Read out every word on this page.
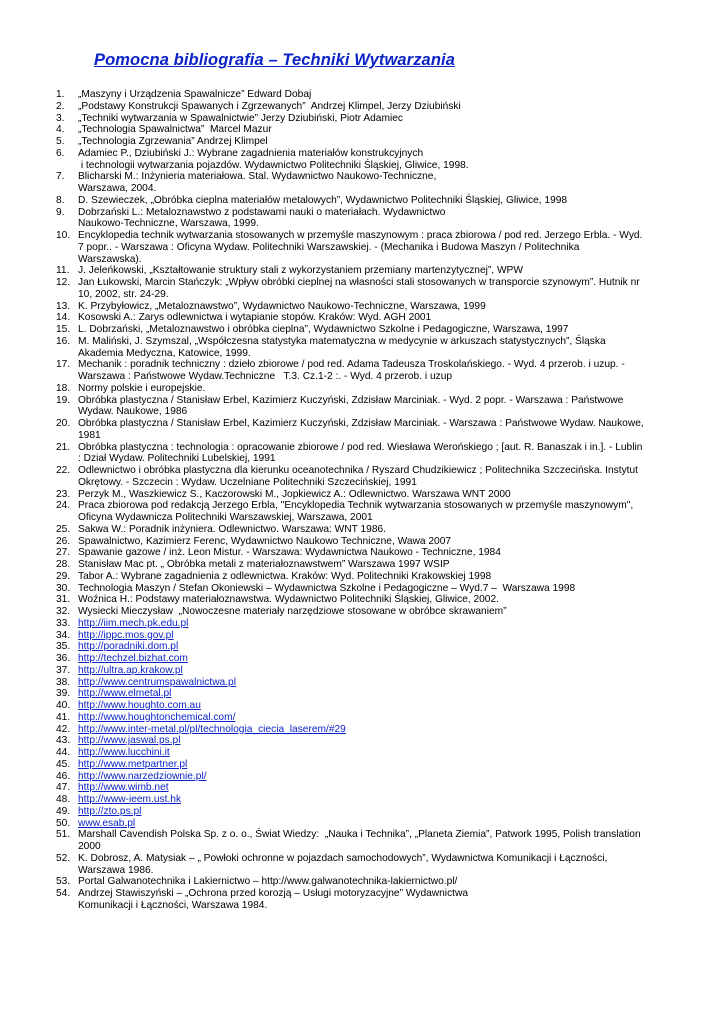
Pomocna bibliografia – Techniki Wytwarzania
1. „Maszyny i Urządzenia Spawalnicze” Edward Dobaj
2. „Podstawy Konstrukcji Spawanych i Zgrzewanych”  Andrzej Klimpel, Jerzy Dziubiński
3. „Techniki wytwarzania w Spawalnictwie” Jerzy Dziubiński, Piotr Adamiec
4. „Technologia Spawalnictwa”  Marcel Mazur
5. „Technologia Zgrzewania” Andrzej Klimpel
6. Adamiec P., Dziubiński J.: Wybrane zagadnienia materiałów konstrukcyjnych
i technologii wytwarzania pojazdów. Wydawnictwo Politechniki Śląskiej, Gliwice, 1998.
7. Blicharski M.: Inżynieria materiałowa. Stal. Wydawnictwo Naukowo-Techniczne,
Warszawa, 2004.
8. D. Szewieczek, „Obróbka cieplna materiałów metalowych”, Wydawnictwo Politechniki Śląskiej, Gliwice, 1998
9. Dobrzański L.: Metaloznawstwo z podstawami nauki o materiałach. Wydawnictwo
Naukowo-Techniczne, Warszawa, 1999.
10. Encyklopedia technik wytwarzania stosowanych w przemyśle maszynowym : praca zbiorowa / pod red. Jerzego Erbla. - Wyd.
7 popr.. - Warszawa : Oficyna Wydaw. Politechniki Warszawskiej. - (Mechanika i Budowa Maszyn / Politechnika
Warszawska).
11. J. Jeleńkowski, „Kształtowanie struktury stali z wykorzystaniem przemiany martenzytycznej”, WPW
12. Jan Łukowski, Marcin Stańczyk: „Wpływ obróbki cieplnej na własności stali stosowanych w transporcie szynowym”. Hutnik nr
10, 2002, str. 24-29.
13. K. Przybyłowicz, „Metaloznawstwo”, Wydawnictwo Naukowo-Techniczne, Warszawa, 1999
14. Kosowski A.: Zarys odlewnictwa i wytapianie stopów. Kraków: Wyd. AGH 2001
15. L. Dobrzański, „Metaloznawstwo i obróbka cieplna”, Wydawnictwo Szkolne i Pedagogiczne, Warszawa, 1997
16. M. Maliński, J. Szymszal, „Współczesna statystyka matematyczna w medycynie w arkuszach statystycznych”, Śląska
Akademia Medyczna, Katowice, 1999.
17. Mechanik : poradnik techniczny : dzieło zbiorowe / pod red. Adama Tadeusza Troskolańskiego. - Wyd. 4 przerob. i uzup. -
Warszawa : Państwowe Wydaw.Techniczne   T.3. Cz.1-2 :. - Wyd. 4 przerob. i uzup
18. Normy polskie i europejskie.
19. Obróbka plastyczna / Stanisław Erbel, Kazimierz Kuczyński, Zdzisław Marciniak. - Wyd. 2 popr. - Warszawa : Państwowe
Wydaw. Naukowe, 1986
20. Obróbka plastyczna / Stanisław Erbel, Kazimierz Kuczyński, Zdzisław Marciniak. - Warszawa : Państwowe Wydaw. Naukowe,
1981
21. Obróbka plastyczna : technologia : opracowanie zbiorowe / pod red. Wiesława Werońskiego ; [aut. R. Banaszak i in.]. - Lublin
: Dział Wydaw. Politechniki Lubelskiej, 1991
22. Odlewnictwo i obróbka plastyczna dla kierunku oceanotechnika / Ryszard Chudzikiewicz ; Politechnika Szczecińska. Instytut
Okrętowy. - Szczecin : Wydaw. Uczelniane Politechniki Szczecińskiej, 1991
23. Perzyk M., Waszkiewicz S., Kaczorowski M., Jopkiewicz A.: Odlewnictwo. Warszawa WNT 2000
24. Praca zbiorowa pod redakcją Jerzego Erbla, "Encyklopedia Technik wytwarzania stosowanych w przemyśle maszynowym",
Oficyna Wydawnicza Politechniki Warszawskiej, Warszawa, 2001
25. Sakwa W.: Poradnik inżyniera. Odlewnictwo. Warszawa: WNT 1986.
26. Spawalnictwo, Kazimierz Ferenc, Wydawnictwo Naukowo Techniczne, Wawa 2007
27. Spawanie gazowe / inż. Leon Mistur. - Warszawa: Wydawnictwa Naukowo - Techniczne, 1984
28. Stanisław Mac pt. „ Obróbka metali z materiałoznawstwem” Warszawa 1997 WSIP
29. Tabor A.: Wybrane zagadnienia z odlewnictwa. Kraków: Wyd. Politechniki Krakowskiej 1998
30. Technologia Maszyn / Stefan Okoniewski – Wydawnictwa Szkolne i Pedagogiczne – Wyd.7 –  Warszawa 1998
31. Woźnica H.: Podstawy materiałoznawstwa. Wydawnictwo Politechniki Śląskiej, Gliwice, 2002.
32. Wysiecki Mieczysław  „Nowoczesne materiały narzędziowe stosowane w obróbce skrawaniem”
33. http://iim.mech.pk.edu.pl
34. http://ippc.mos.gov.pl
35. http://poradniki.dom.pl
36. http://techzel.bizhat.com
37. http://ultra.ap.krakow.pl
38. http://www.centrumspawalnictwa.pl
39. http://www.elmetal.pl
40. http://www.houghto.com.au
41. http://www.houghtonchemical.com/
42. http://www.inter-metal.pl/pl/technologia_ciecia_laserem/#29
43. http://www.jaswal.ps.pl
44. http://www.lucchini.it
45. http://www.metpartner.pl
46. http://www.narzedziownie.pl/
47. http://www.wimb.net
48. http://www-ieem.ust.hk
49. http://zto.ps.pl
50. www.esab.pl
51. Marshall Cavendish Polska Sp. z o. o., Świat Wiedzy:  „Nauka i Technika”, „Planeta Ziemia”, Patwork 1995, Polish translation
2000
52. K. Dobrosz, A. Matysiak – „ Powłoki ochronne w pojazdach samochodowych”, Wydawnictwa Komunikacji i Łączności,
Warszawa 1986.
53. Portal Galwanotechnika i Lakiernictwo – http://www.galwanotechnika-lakiernictwo.pl/
54. Andrzej Stawiszyński – „Ochrona przed korozją – Usługi motoryzacyjne” Wydawnictwa
Komunikacji i Łączności, Warszawa 1984.
